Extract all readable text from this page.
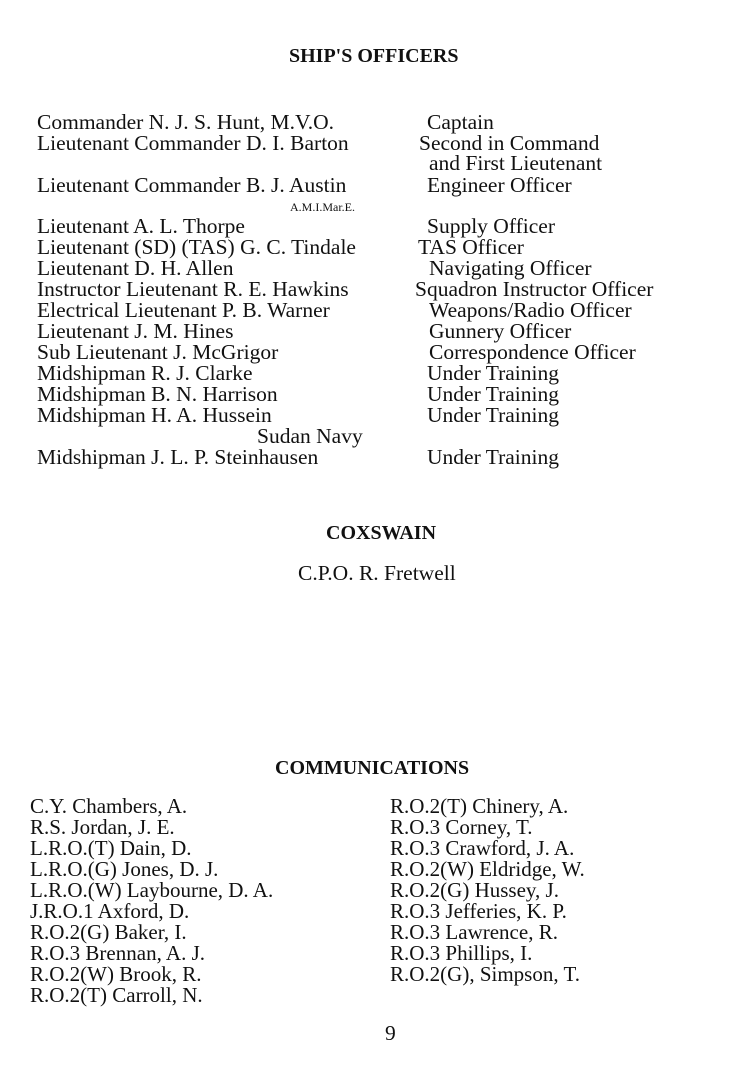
SHIP'S OFFICERS
Commander N. J. S. Hunt, M.V.O.	Captain
Lieutenant Commander D. I. Barton	Second in Command
and First Lieutenant
Lieutenant Commander B. J. Austin	Engineer Officer
A.M.I.Mar.E.
Lieutenant A. L. Thorpe	Supply Officer
Lieutenant (SD) (TAS) G. C. Tindale	TAS Officer
Lieutenant D. H. Allen	Navigating Officer
Instructor Lieutenant R. E. Hawkins	Squadron Instructor Officer
Electrical Lieutenant P. B. Warner	Weapons/Radio Officer
Lieutenant J. M. Hines	Gunnery Officer
Sub Lieutenant J. McGrigor	Correspondence Officer
Midshipman R. J. Clarke	Under Training
Midshipman B. N. Harrison	Under Training
Midshipman H. A. Hussein	Under Training
Sudan Navy
Midshipman J. L. P. Steinhausen	Under Training
COXSWAIN
C.P.O. R. Fretwell
COMMUNICATIONS
C.Y. Chambers, A.
R.S. Jordan, J. E.
L.R.O.(T) Dain, D.
L.R.O.(G) Jones, D. J.
L.R.O.(W) Laybourne, D. A.
J.R.O.1 Axford, D.
R.O.2(G) Baker, I.
R.O.3 Brennan, A. J.
R.O.2(W) Brook, R.
R.O.2(T) Carroll, N.
R.O.2(T) Chinery, A.
R.O.3 Corney, T.
R.O.3 Crawford, J. A.
R.O.2(W) Eldridge, W.
R.O.2(G) Hussey, J.
R.O.3 Jefferies, K. P.
R.O.3 Lawrence, R.
R.O.3 Phillips, I.
R.O.2(G), Simpson, T.
9
